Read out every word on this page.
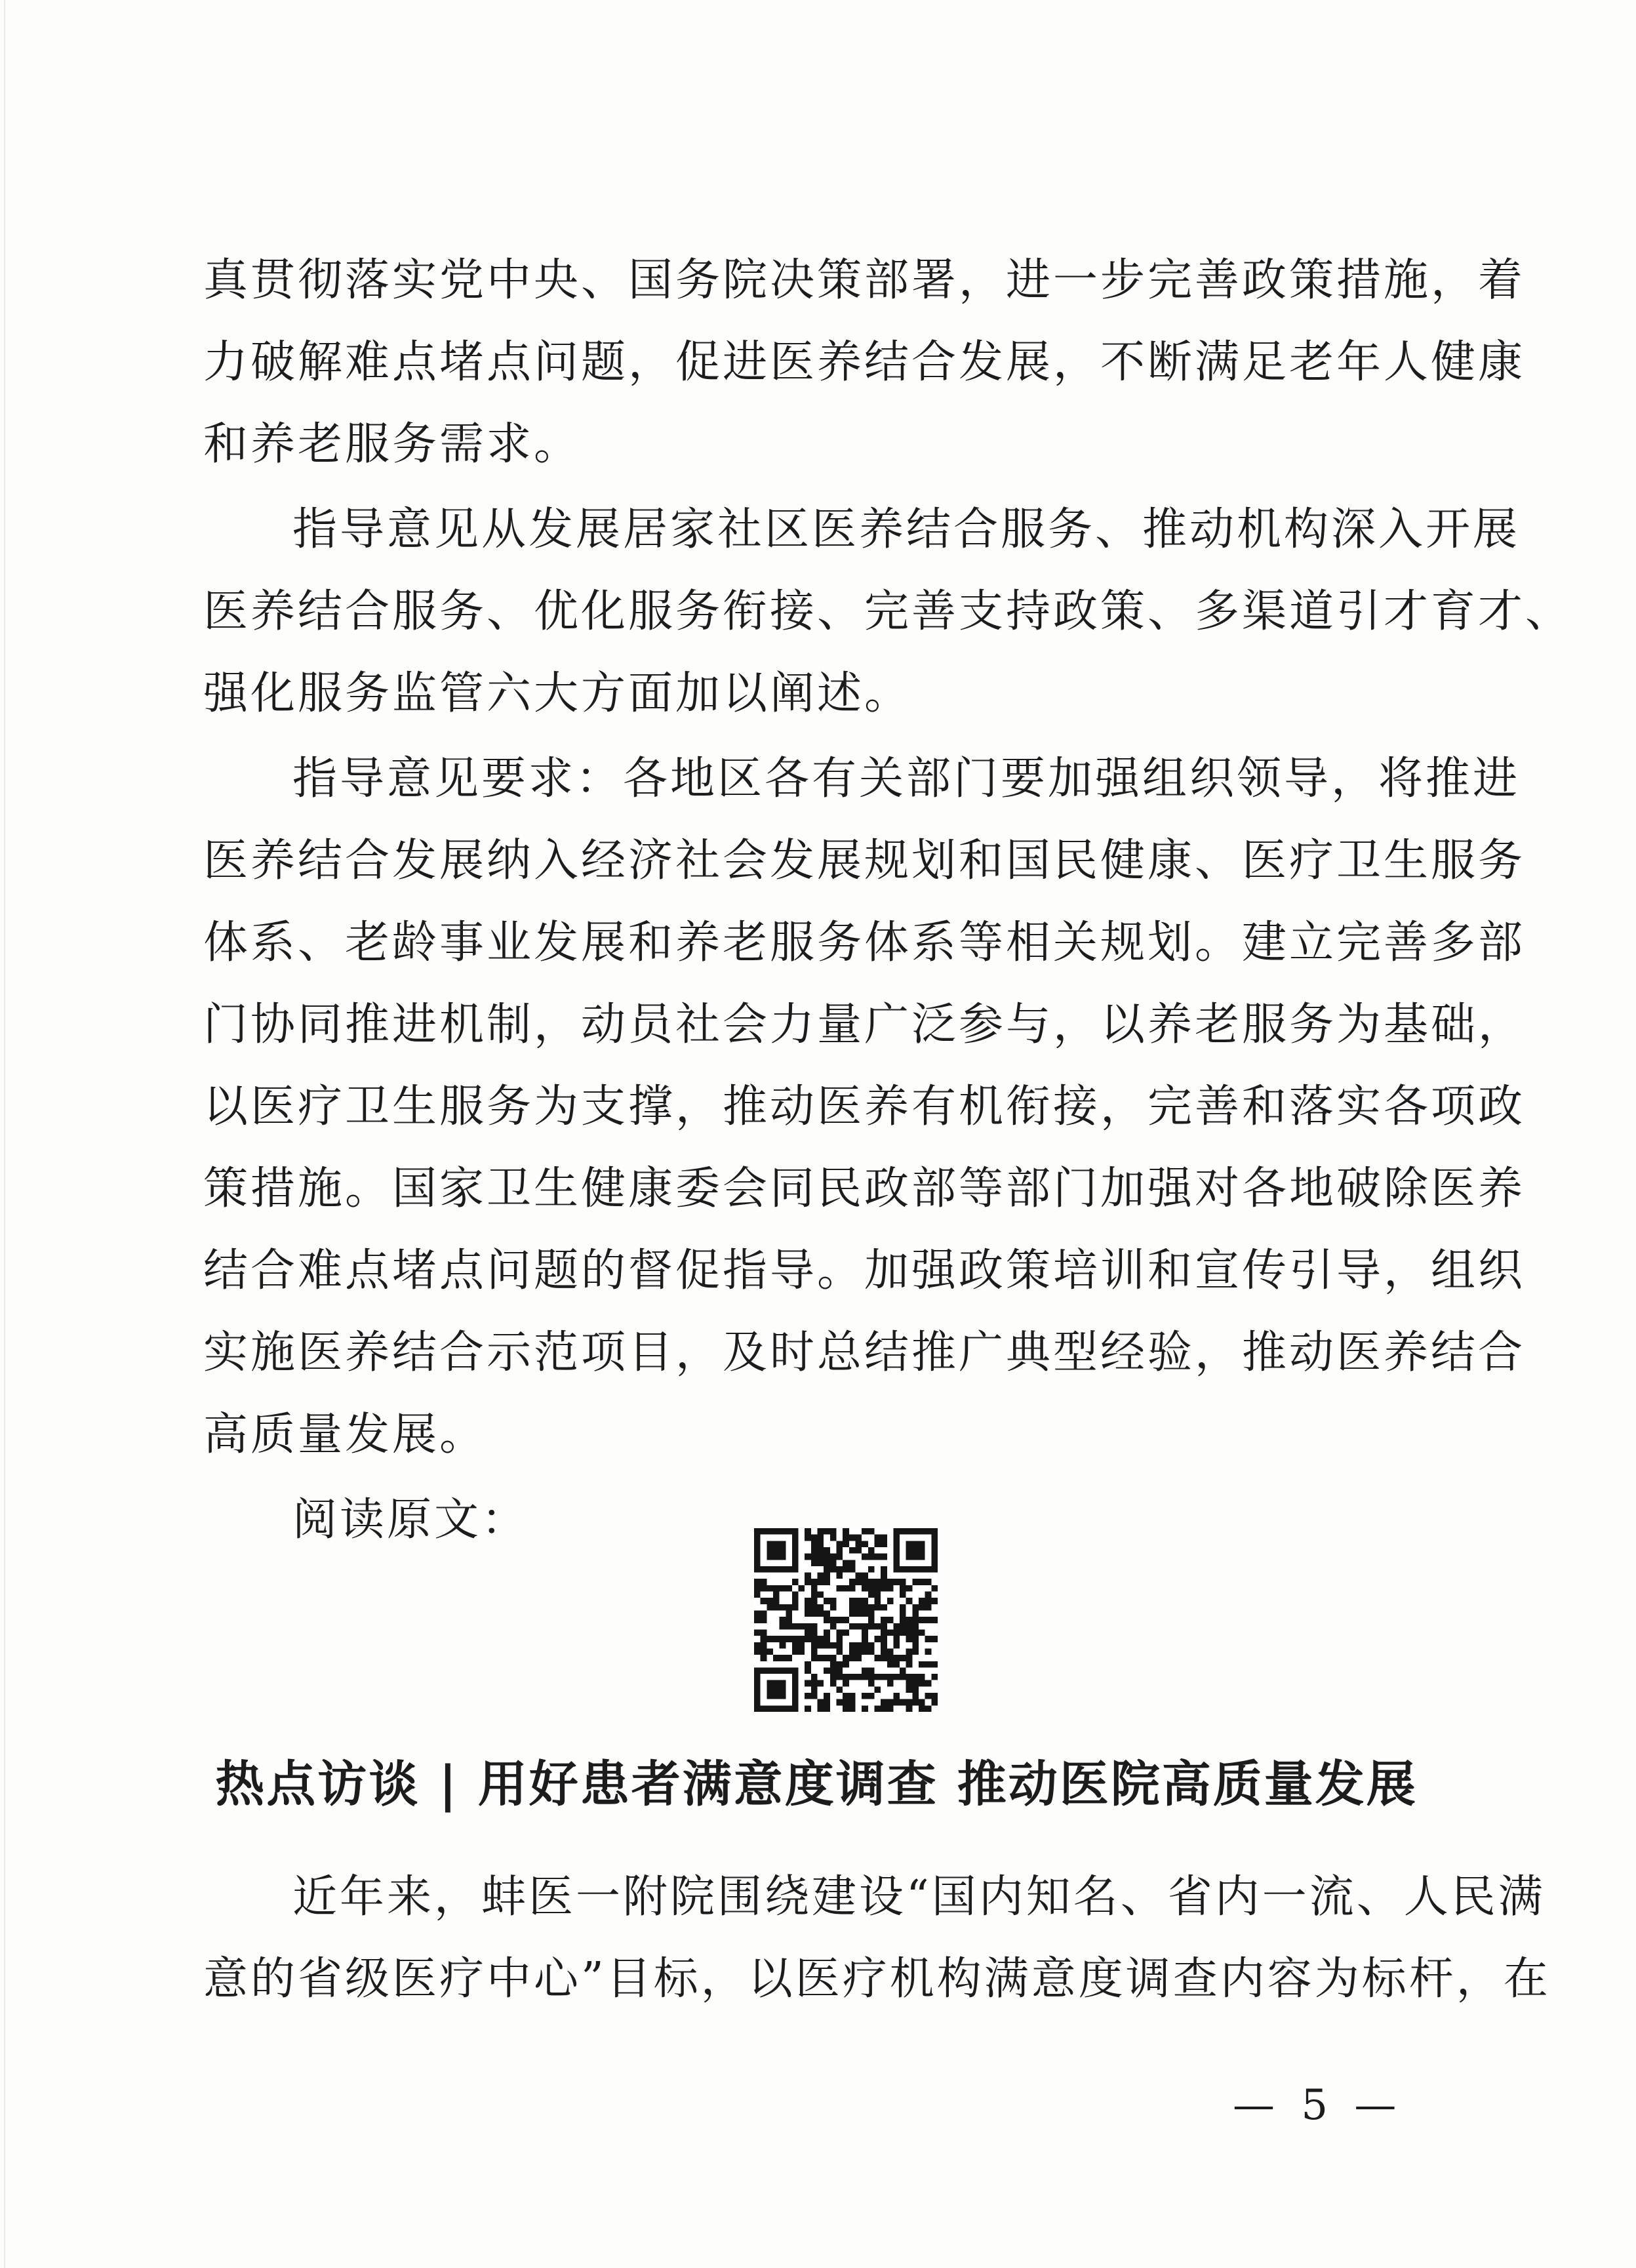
真贯彻落实党中央、国务院决策部署，进一步完善政策措施，着
力破解难点堵点问题，促进医养结合发展，不断满足老年人健康
和养老服务需求。
指导意见从发展居家社区医养结合服务、推动机构深入开展
医养结合服务、优化服务衔接、完善支持政策、多渠道引才育才、
强化服务监管六大方面加以阐述。
指导意见要求：各地区各有关部门要加强组织领导，将推进
医养结合发展纳入经济社会发展规划和国民健康、医疗卫生服务
体系、老龄事业发展和养老服务体系等相关规划。建立完善多部
门协同推进机制，动员社会力量广泛参与，以养老服务为基础，
以医疗卫生服务为支撑，推动医养有机衔接，完善和落实各项政
策措施。国家卫生健康委会同民政部等部门加强对各地破除医养
结合难点堵点问题的督促指导。加强政策培训和宣传引导，组织
实施医养结合示范项目，及时总结推广典型经验，推动医养结合
高质量发展。
阅读原文：
热点访谈 | 用好患者满意度调查 推动医院高质量发展
近年来，蚌医一附院围绕建设“国内知名、省内一流、人民满
意的省级医疗中心”目标，以医疗机构满意度调查内容为标杆，在
— 5 —
